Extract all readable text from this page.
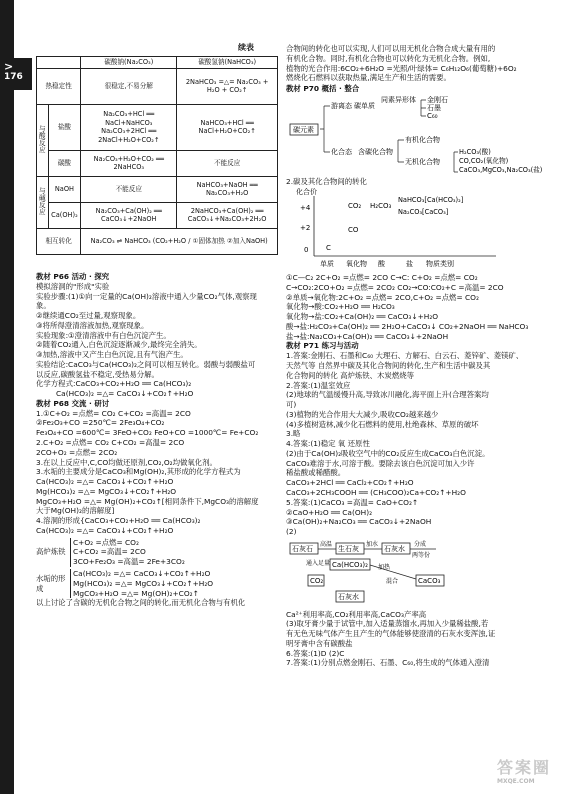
>
176
续表
		碳酸钠(Na₂CO₃)	碳酸氢钠(NaHCO₃)
热稳定性		很稳定,不易分解	2NaHCO₃ =△= Na₂CO₃ + H₂O + CO₂↑
与酸反应	盐酸	Na₂CO₃+HCl ══ NaCl+NaHCO₃ Na₂CO₃+2HCl ══ 2NaCl+H₂O+CO₂↑	NaHCO₃+HCl ══ NaCl+H₂O+CO₂↑
	碳酸	Na₂CO₃+H₂O+CO₂ ══ 2NaHCO₃	不能反应
与碱反应	NaOH	不能反应	NaHCO₃+NaOH ══ Na₂CO₃+H₂O
	Ca(OH)₂	Na₂CO₃+Ca(OH)₂ ══ CaCO₃↓+2NaOH	2NaHCO₃+Ca(OH)₂ ══ CaCO₃↓+Na₂CO₃+2H₂O
相互转化		Na₂CO₃ ⇌ NaHCO₃ (CO₂+H₂O / ①固体加热 ②加入NaOH)	
教材 P66 活动 · 探究
模拟溶洞的"形成"实验
实验步骤:(1)①向一定量的Ca(OH)₂溶液中通入少量CO₂气体,观察现
象。
②继续通CO₂至过量,观察现象。
③将所得澄清溶液加热,观察现象。
实验现象:①澄清溶液中有白色沉淀产生。
②随着CO₂通入,白色沉淀逐渐减少,最终完全消失。
③加热,溶液中又产生白色沉淀,且有气泡产生。
实验结论:CaCO₃与Ca(HCO₃)₂之间可以相互转化。弱酸与弱酸盐可
以反应,碳酸氢盐不稳定,受热易分解。
化学方程式:CaCO₃+CO₂+H₂O ══ Ca(HCO₃)₂
Ca(HCO₃)₂ =△= CaCO₃↓+CO₂↑+H₂O
教材 P68 交流 · 研讨
1.①C+O₂ =点燃= CO₂ C+CO₂ =高温= 2CO
②Fe₂O₃+CO =250℃= 2Fe₃O₄+CO₂
Fe₃O₄+CO =600℃= 3FeO+CO₂ FeO+CO =1000℃= Fe+CO₂
2.C+O₂ =点燃= CO₂ C+CO₂ =高温= 2CO
2CO+O₂ =点燃= 2CO₂
3.在以上反应中,C,CO均做还原剂,CO₂,O₂均做氧化剂。
3.水垢的主要成分是CaCO₃和Mg(OH)₂,其形成的化学方程式为
Ca(HCO₃)₂ =△= CaCO₃↓+CO₂↑+H₂O
Mg(HCO₃)₂ =△= MgCO₃↓+CO₂↑+H₂O
MgCO₃+H₂O =△= Mg(OH)₂+CO₂↑[相同条件下,MgCO₃的溶解度
大于Mg(OH)₂的溶解度]
4.溶洞的形成{CaCO₃+CO₂+H₂O ══ Ca(HCO₃)₂
Ca(HCO₃)₂ =△= CaCO₃↓+CO₂↑+H₂O
高炉炼铁
C+O₂ =点燃= CO₂
C+CO₂ =高温= 2CO
3CO+Fe₂O₃ =高温= 2Fe+3CO₂
水垢的形成
Ca(HCO₃)₂ =△= CaCO₃↓+CO₂↑+H₂O
Mg(HCO₃)₂ =△= MgCO₃↓+CO₂↑+H₂O
MgCO₃+H₂O =△= Mg(OH)₂+CO₂↑
以上讨论了含碳的无机化合物之间的转化,而无机化合物与有机化
合物间的转化也可以实现,人们可以用无机化合物合成大量有用的
有机化合物。同时,有机化合物也可以转化为无机化合物。例如,
植物的光合作用:6CO₂+6H₂O =光照/叶绿体= C₆H₁₂O₆(葡萄糖)+6O₂
燃烧化石燃料以获取热量,满足生产和生活的需要。
教材 P70 概括 · 整合
碳元素
游离态 碳单质
同素异形体 金刚石
石墨
C₆₀
化合态 含碳化合物
有机化合物
无机化合物
H₂CO₃(酸)
CO,CO₂(氧化物)
CaCO₃,MgCO₃,Na₂CO₃(盐)
2.碳及其化合物间的转化
化合价
+4
+2
0
CO₂ H₂CO₃
NaHCO₃[Ca(HCO₃)₂]
Na₂CO₃[CaCO₃]
CO
C
单质 氧化物 酸	盐 物质类别
①C—C₂ 2C+O₂ =点燃= 2CO C→C: C+O₂ =点燃= CO₂
C→CO₂:2CO+O₂ =点燃= 2CO₂ CO₂→CO:CO₂+C =高温= 2CO
②单质→氧化物:2C+O₂ =点燃= 2CO,C+O₂ =点燃= CO₂
氧化物→酸:CO₂+H₂O ══ H₂CO₃
氧化物→盐:CO₂+Ca(OH)₂ ══ CaCO₃↓+H₂O
酸→盐:H₂CO₃+Ca(OH)₂ ══ 2H₂O+CaCO₃↓ CO₂+2NaOH ══ NaHCO₃
盐→盐:Na₂CO₃+Ca(OH)₂ ══ CaCO₃↓+2NaOH
教材 P71 练习与活动
1.答案:金刚石、石墨和C₆₀ 大理石、方解石、白云石、菱锌矿、菱镁矿、
天然气等 自然界中碳及其化合物间的转化,生产和生活中碳及其
化合物间的转化 高炉炼铁、木炭燃烧等
2.答案:(1)温室效应
(2)地球的气温缓慢升高,导致冰川融化,海平面上升(合理答案均
可)
(3)植物的光合作用大大减少,吸收CO₂越来越少
(4)多植树造林,减少化石燃料的使用,杜绝森林、草原的破坏
3.略
4.答案:(1)稳定 氧 还原性
(2)由于Ca(OH)₂吸收空气中的CO₂反应生成CaCO₃白色沉淀。
CaCO₃难溶于水,可溶于酸。要除去该白色沉淀可加入少许
稀盐酸或稀醋酸。
CaCO₃+2HCl ══ CaCl₂+CO₂↑+H₂O
CaCO₃+2CH₃COOH ══ (CH₃COO)₂Ca+CO₂↑+H₂O
5.答案:(1)CaCO₃ =高温= CaO+CO₂↑
②CaO+H₂O ══ Ca(OH)₂
③Ca(OH)₂+Na₂CO₃ ══ CaCO₃↓+2NaOH
(2)
石灰石
高温
生石灰
加水
石灰水
分成
两等份
通入足量 Ca(HCO₃)₂
CO₂
石灰水
加热
混合	CaCO₃
Ca²⁺利用率高,CO₂利用率高,CaCO₃产率高
(3)取牙膏少量于试管中,加入适量蒸馏水,再加入少量稀盐酸,若
有无色无味气体产生且产生的气体能够使澄清的石灰水变浑浊,证
明牙膏中含有碳酸盐
6.答案:(1)D (2)C
7.答案:(1)分别点燃金刚石、石墨、C₆₀,将生成的气体通入澄清
答案圈
MXQE.COM
